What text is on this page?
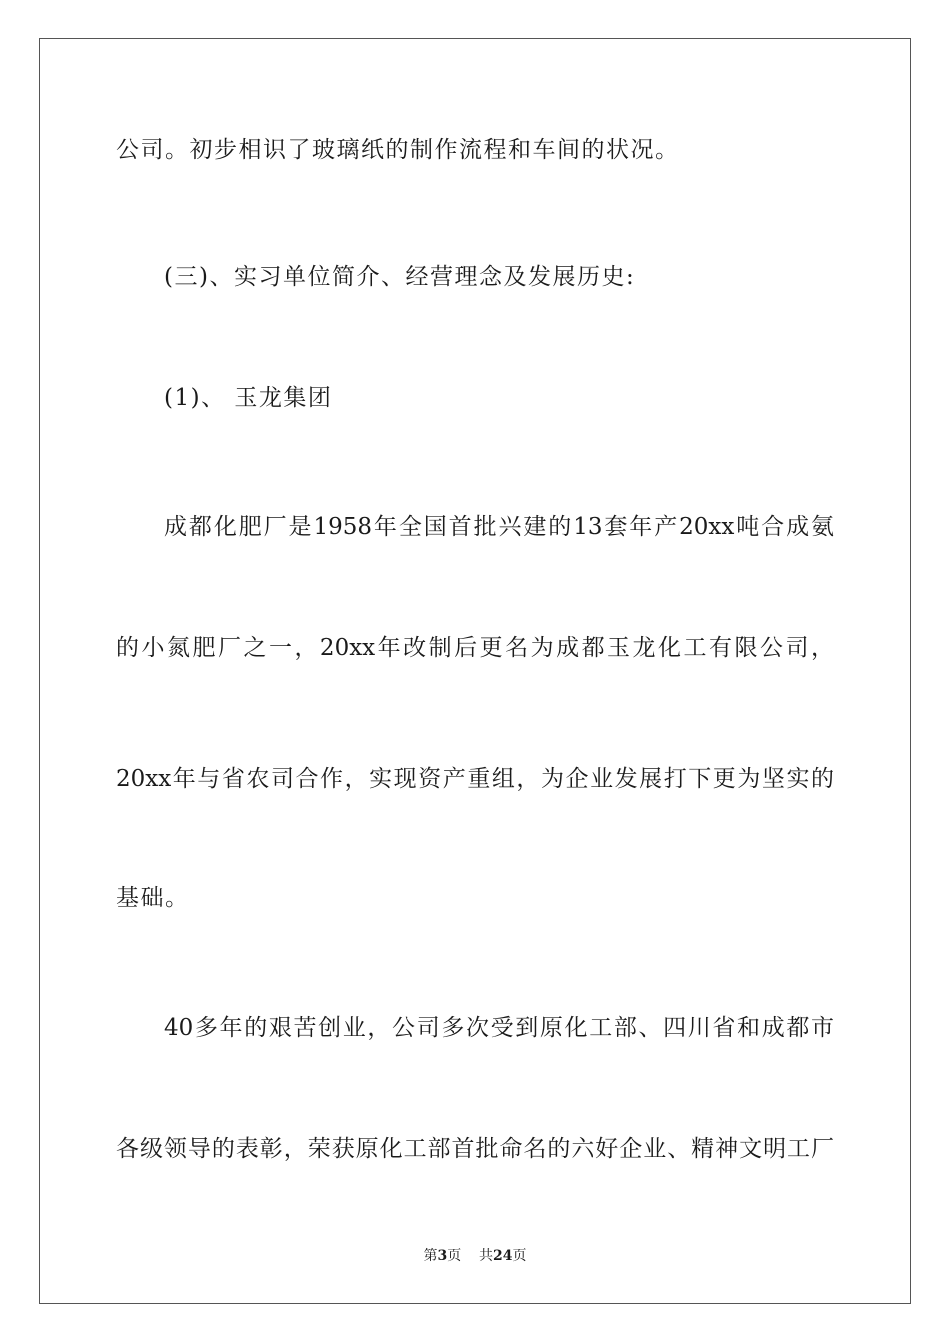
公司。初步相识了玻璃纸的制作流程和车间的状况。
(三)、实习单位简介、经营理念及发展历史:
(1)、 玉龙集团
成都化肥厂是1958年全国首批兴建的13套年产20xx吨合成氨
的小氮肥厂之一，20xx年改制后更名为成都玉龙化工有限公司，
20xx年与省农司合作，实现资产重组，为企业发展打下更为坚实的
基础。
40多年的艰苦创业，公司多次受到原化工部、四川省和成都市
各级领导的表彰，荣获原化工部首批命名的六好企业、精神文明工厂
第3页 共24页
